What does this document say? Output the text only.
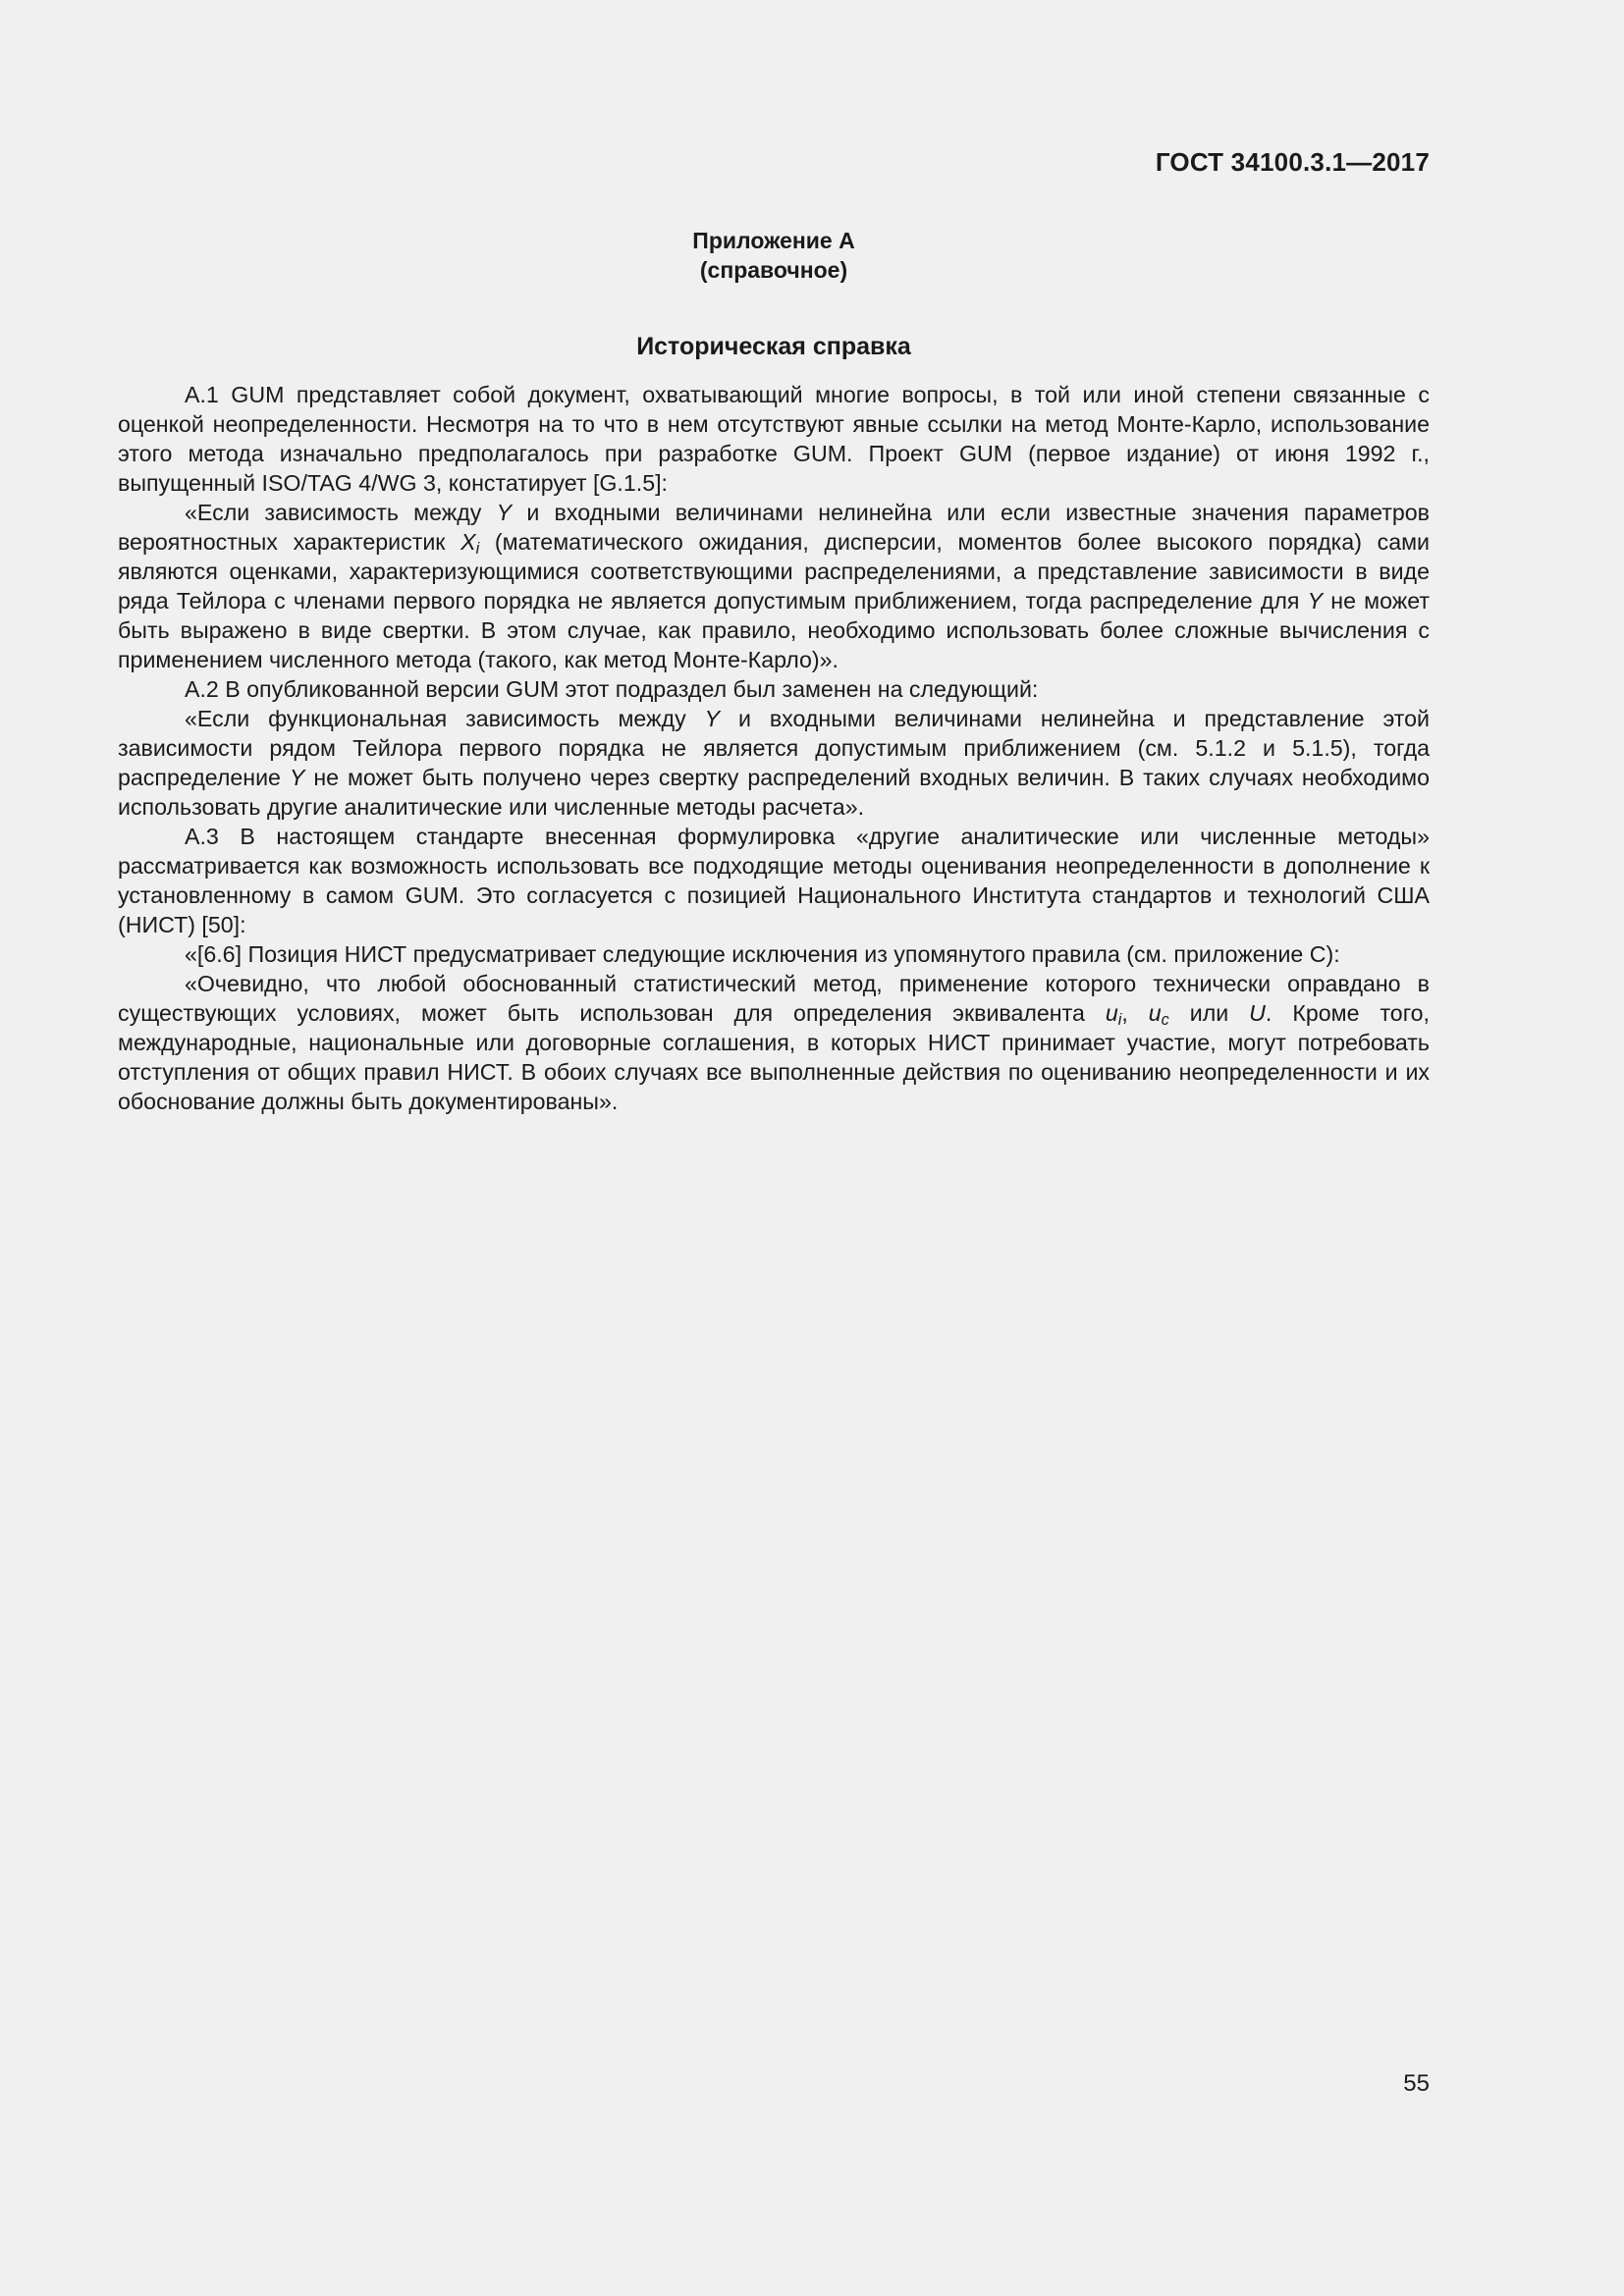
ГОСТ 34100.3.1—2017
Приложение А
(справочное)
Историческая справка

А.1 GUM представляет собой документ, охватывающий многие вопросы, в той или иной степени связанные с оценкой неопределенности. Несмотря на то что в нем отсутствуют явные ссылки на метод Монте-Карло, использование этого метода изначально предполагалось при разработке GUM. Проект GUM (первое издание) от июня 1992 г., выпущенный ISO/TAG 4/WG 3, констатирует [G.1.5]:

«Если зависимость между Y и входными величинами нелинейна или если известные значения параметров вероятностных характеристик $X_i$ (математического ожидания, дисперсии, моментов более высокого порядка) сами являются оценками, характеризующимися соответствующими распределениями, а представление зависимости в виде ряда Тейлора с членами первого порядка не является допустимым приближением, тогда распределение для Y не может быть выражено в виде свертки. В этом случае, как правило, необходимо использовать более сложные вычисления с применением численного метода (такого, как метод Монте-Карло)».

А.2 В опубликованной версии GUM этот подраздел был заменен на следующий:

«Если функциональная зависимость между Y и входными величинами нелинейна и представление этой зависимости рядом Тейлора первого порядка не является допустимым приближением (см. 5.1.2 и 5.1.5), тогда распределение Y не может быть получено через свертку распределений входных величин. В таких случаях необходимо использовать другие аналитические или численные методы расчета».

А.3 В настоящем стандарте внесенная формулировка «другие аналитические или численные методы» рассматривается как возможность использовать все подходящие методы оценивания неопределенности в дополнение к установленному в самом GUM. Это согласуется с позицией Национального Института стандартов и технологий США (НИСТ) [50]:

«[6.6] Позиция НИСТ предусматривает следующие исключения из упомянутого правила (см. приложение С):

«Очевидно, что любой обоснованный статистический метод, применение которого технически оправдано в существующих условиях, может быть использован для определения эквивалента $u_i$, $u_c$ или U. Кроме того, международные, национальные или договорные соглашения, в которых НИСТ принимает участие, могут потребовать отступления от общих правил НИСТ. В обоих случаях все выполненные действия по оцениванию неопределенности и их обоснование должны быть документированы».

55
